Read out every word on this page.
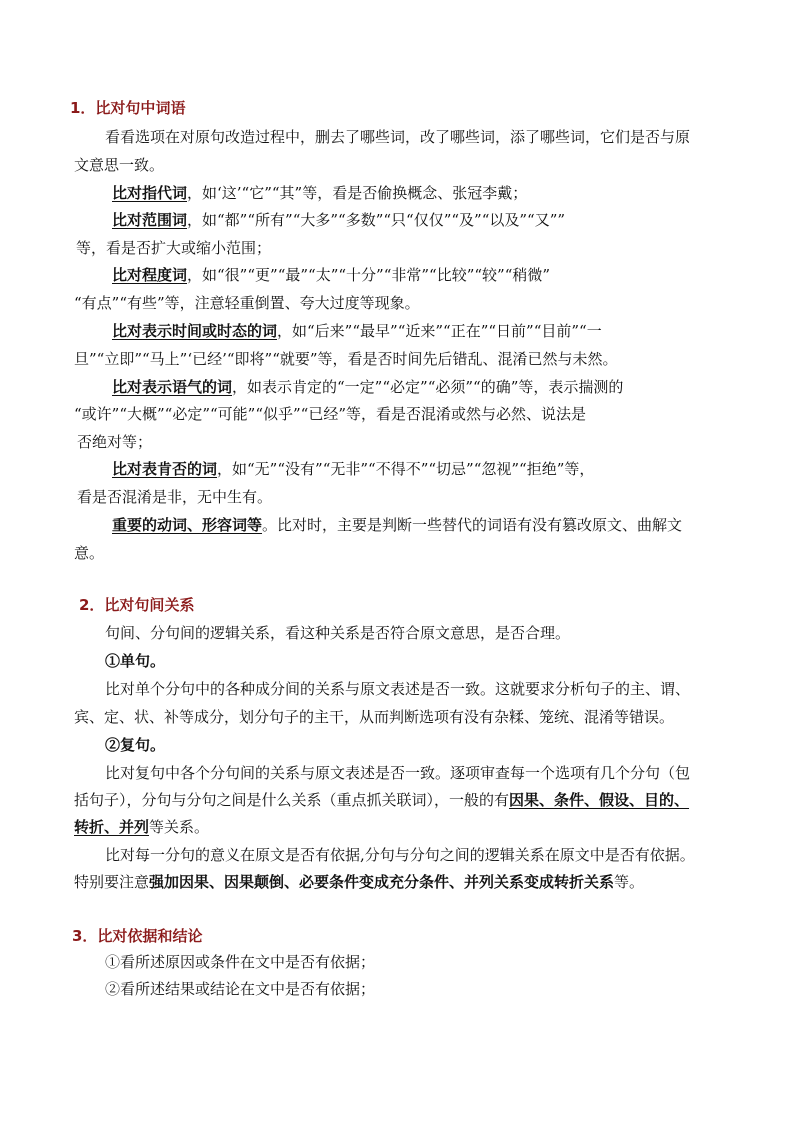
1．比对句中词语
看看选项在对原句改造过程中，删去了哪些词，改了哪些词，添了哪些词，它们是否与原
文意思一致。
比对指代词，如‘这’“它”“其”等，看是否偷换概念、张冠李戴；
比对范围词，如“都”“所有”“大多”“多数”“只“仅仅”“及”“以及”“又””
等，看是否扩大或缩小范围；
比对程度词，如“很”“更”“最”“太”“十分”“非常”“比较”“较”“稍微”
“有点”“有些”等，注意轻重倒置、夸大过度等现象。
比对表示时间或时态的词，如“后来”“最早”“近来”“正在”“日前”“目前”“一
旦”“立即”“马上”‘已经’“即将”“就要”等，看是否时间先后错乱、混淆已然与未然。
比对表示语气的词，如表示肯定的“一定”“必定”“必须”“的确”等，表示揣测的
“或许”“大概”“必定”“可能”“似乎”“已经”等，看是否混淆或然与必然、说法是
否绝对等；
比对表肯否的词，如“无”“没有”“无非”“不得不”“切忌”“忽视”“拒绝”等，
看是否混淆是非，无中生有。
重要的动词、形容词等。比对时，主要是判断一些替代的词语有没有篡改原文、曲解文
意。
2．比对句间关系
句间、分句间的逻辑关系，看这种关系是否符合原文意思，是否合理。
①单句。
比对单个分句中的各种成分间的关系与原文表述是否一致。这就要求分析句子的主、谓、
宾、定、状、补等成分，划分句子的主干，从而判断选项有没有杂糅、笼统、混淆等错误。
②复句。
比对复句中各个分句间的关系与原文表述是否一致。逐项审查每一个选项有几个分句（包
括句子），分句与分句之间是什么关系（重点抓关联词），一般的有因果、条件、假设、目的、
转折、并列等关系。
比对每一分句的意义在原文是否有依据,分句与分句之间的逻辑关系在原文中是否有依据。
特别要注意强加因果、因果颠倒、必要条件变成充分条件、并列关系变成转折关系等。
3．比对依据和结论
①看所述原因或条件在文中是否有依据；
②看所述结果或结论在文中是否有依据；
